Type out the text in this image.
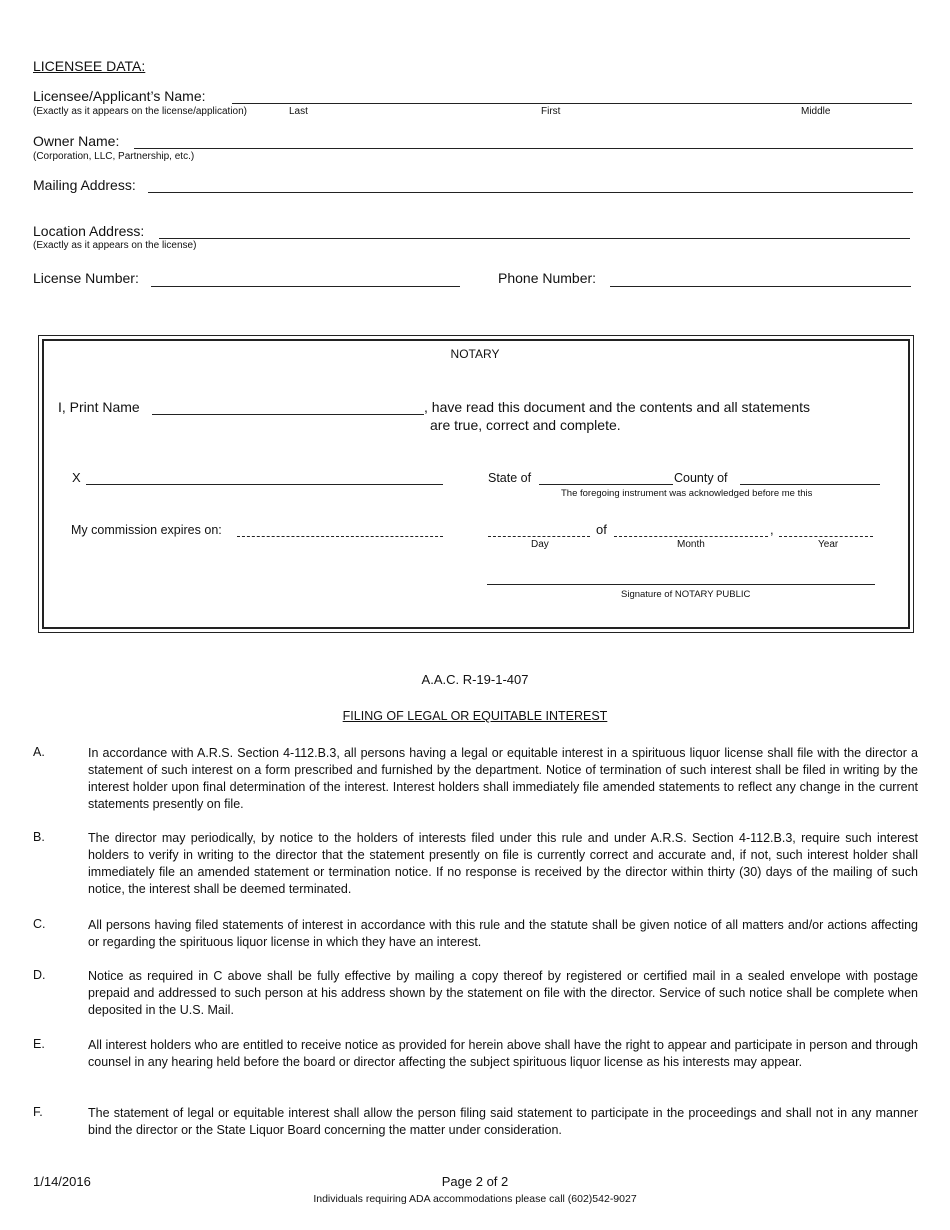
LICENSEE DATA:
Licensee/Applicant’s Name:
(Exactly as it appears on the license/application)	Last	First	Middle
Owner Name:
(Corporation, LLC, Partnership, etc.)
Mailing Address:
Location Address:
(Exactly as it appears on the license)
License Number:	Phone Number:
NOTARY
I, Print Name	, have read this document and the contents and all statements
are true, correct and complete.
X	State of	County of
The foregoing instrument was acknowledged before me this
My commission expires on:	of	,
Day	Month	Year
Signature of NOTARY PUBLIC
A.A.C. R-19-1-407
FILING OF LEGAL OR EQUITABLE INTEREST
A.	In accordance with A.R.S. Section 4-112.B.3, all persons having a legal or equitable interest in a spirituous liquor license shall file with the director a statement of such interest on a form prescribed and furnished by the department. Notice of termination of such interest shall be filed in writing by the interest holder upon final determination of the interest. Interest holders shall immediately file amended statements to reflect any change in the current statements presently on file.
B.	The director may periodically, by notice to the holders of interests filed under this rule and under A.R.S. Section 4-112.B.3, require such interest holders to verify in writing to the director that the statement presently on file is currently correct and accurate and, if not, such interest holder shall immediately file an amended statement or termination notice. If no response is received by the director within thirty (30) days of the mailing of such notice, the interest shall be deemed terminated.
C.	All persons having filed statements of interest in accordance with this rule and the statute shall be given notice of all matters and/or actions affecting or regarding the spirituous liquor license in which they have an interest.
D.	Notice as required in C above shall be fully effective by mailing a copy thereof by registered or certified mail in a sealed envelope with postage prepaid and addressed to such person at his address shown by the statement on file with the director. Service of such notice shall be complete when deposited in the U.S. Mail.
E.	All interest holders who are entitled to receive notice as provided for herein above shall have the right to appear and participate in person and through counsel in any hearing held before the board or director affecting the subject spirituous liquor license as his interests may appear.
F.	The statement of legal or equitable interest shall allow the person filing said statement to participate in the proceedings and shall not in any manner bind the director or the State Liquor Board concerning the matter under consideration.
1/14/2016	Page 2 of 2
Individuals requiring ADA accommodations please call (602)542-9027
